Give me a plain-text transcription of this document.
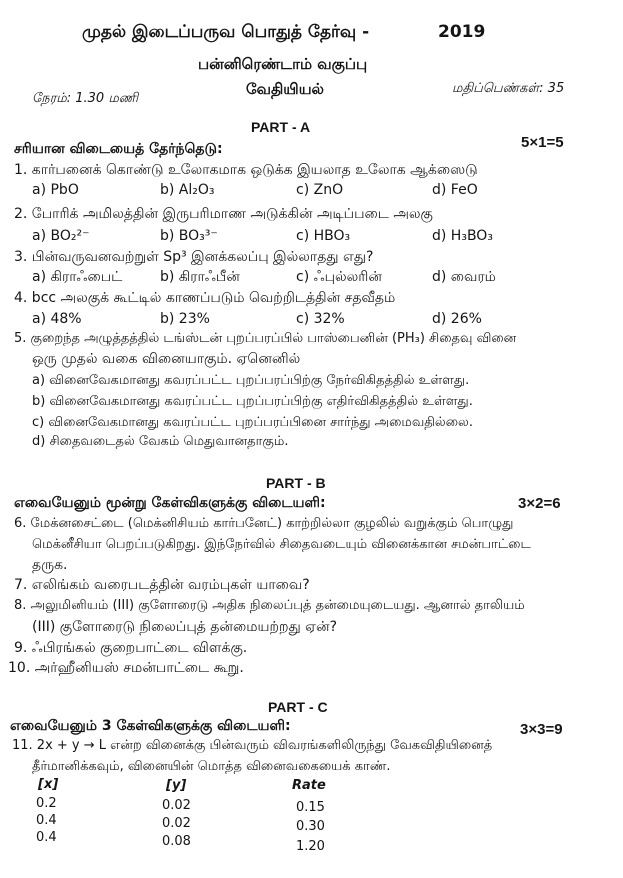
முதல் இடைப்பருவ பொதுத் தேர்வு -	2019
பன்னிரெண்டாம் வகுப்பு
வேதியியல்
நேரம்: 1.30 மணி
மதிப்பெண்கள்: 35
PART - A
சரியான விடையைத் தேர்ந்தெடு:	5×1=5
1. கார்பனைக் கொண்டு உலோகமாக ஒடுக்க இயலாத உலோக ஆக்ஸைடு
a) PbO	b) Al₂O₃	c) ZnO	d) FeO
2. போரிக் அமிலத்தின் இருபரிமாண அடுக்கின் அடிப்படை அலகு
a) BO₂²⁻	b) BO₃³⁻	c) HBO₃	d) H₃BO₃
3. பின்வருவனவற்றுள் Sp³ இனக்கலப்பு இல்லாதது எது?
a) கிராஃபைட்	b) கிராஃபீன்	c) ஃபுல்லரின்	d) வைரம்
4. bcc அலகுக் கூட்டில் காணப்படும் வெற்றிடத்தின் சதவீதம்
a) 48%	b) 23%	c) 32%	d) 26%
5. குறைந்த அழுத்தத்தில் டங்ஸ்டன் புறப்பரப்பில் பாஸ்பைனின் (PH₃) சிதைவு வினை
ஒரு முதல் வகை வினையாகும். ஏனெனில்
a) வினைவேகமானது கவரப்பட்ட புறப்பரப்பிற்கு நேர்விகிதத்தில் உள்ளது.
b) வினைவேகமானது கவரப்பட்ட புறப்பரப்பிற்கு எதிர்விகிதத்தில் உள்ளது.
c) வினைவேகமானது கவரப்பட்ட புறப்பரப்பினை சார்ந்து அமைவதில்லை.
d) சிதைவடைதல் வேகம் மெதுவானதாகும்.
PART - B
எவையேனும் மூன்று கேள்விகளுக்கு விடையளி:	3×2=6
6. மேக்னசைட்டை (மெக்னிசியம் கார்பனேட்) காற்றில்லா குழலில் வறுக்கும் பொழுது
மெக்னீசியா பெறப்படுகிறது. இந்நேர்வில் சிதைவடையும் வினைக்கான சமன்பாட்டை
தருக.
7. எலிங்கம் வரைபடத்தின் வரம்புகள் யாவை?
8. அலுமினியம் (III) குளோரைடு அதிக நிலைப்புத் தன்மையுடையது. ஆனால் தாலியம்
(III) குளோரைடு நிலைப்புத் தன்மையற்றது ஏன்?
9. ஃபிரங்கல் குறைபாட்டை விளக்கு.
10. அர்ஹீனியஸ் சமன்பாட்டை கூறு.
PART - C
எவையேனும் 3 கேள்விகளுக்கு விடையளி:	3×3=9
11. 2x + y → L என்ற வினைக்கு பின்வரும் விவரங்களிலிருந்து வேகவிதியினைத்
தீர்மானிக்கவும், வினையின் மொத்த வினைவகையைக் காண்.
[x]	[y]	Rate
0.2	0.02	0.15
0.4	0.02	0.30
0.4	0.08	1.20
